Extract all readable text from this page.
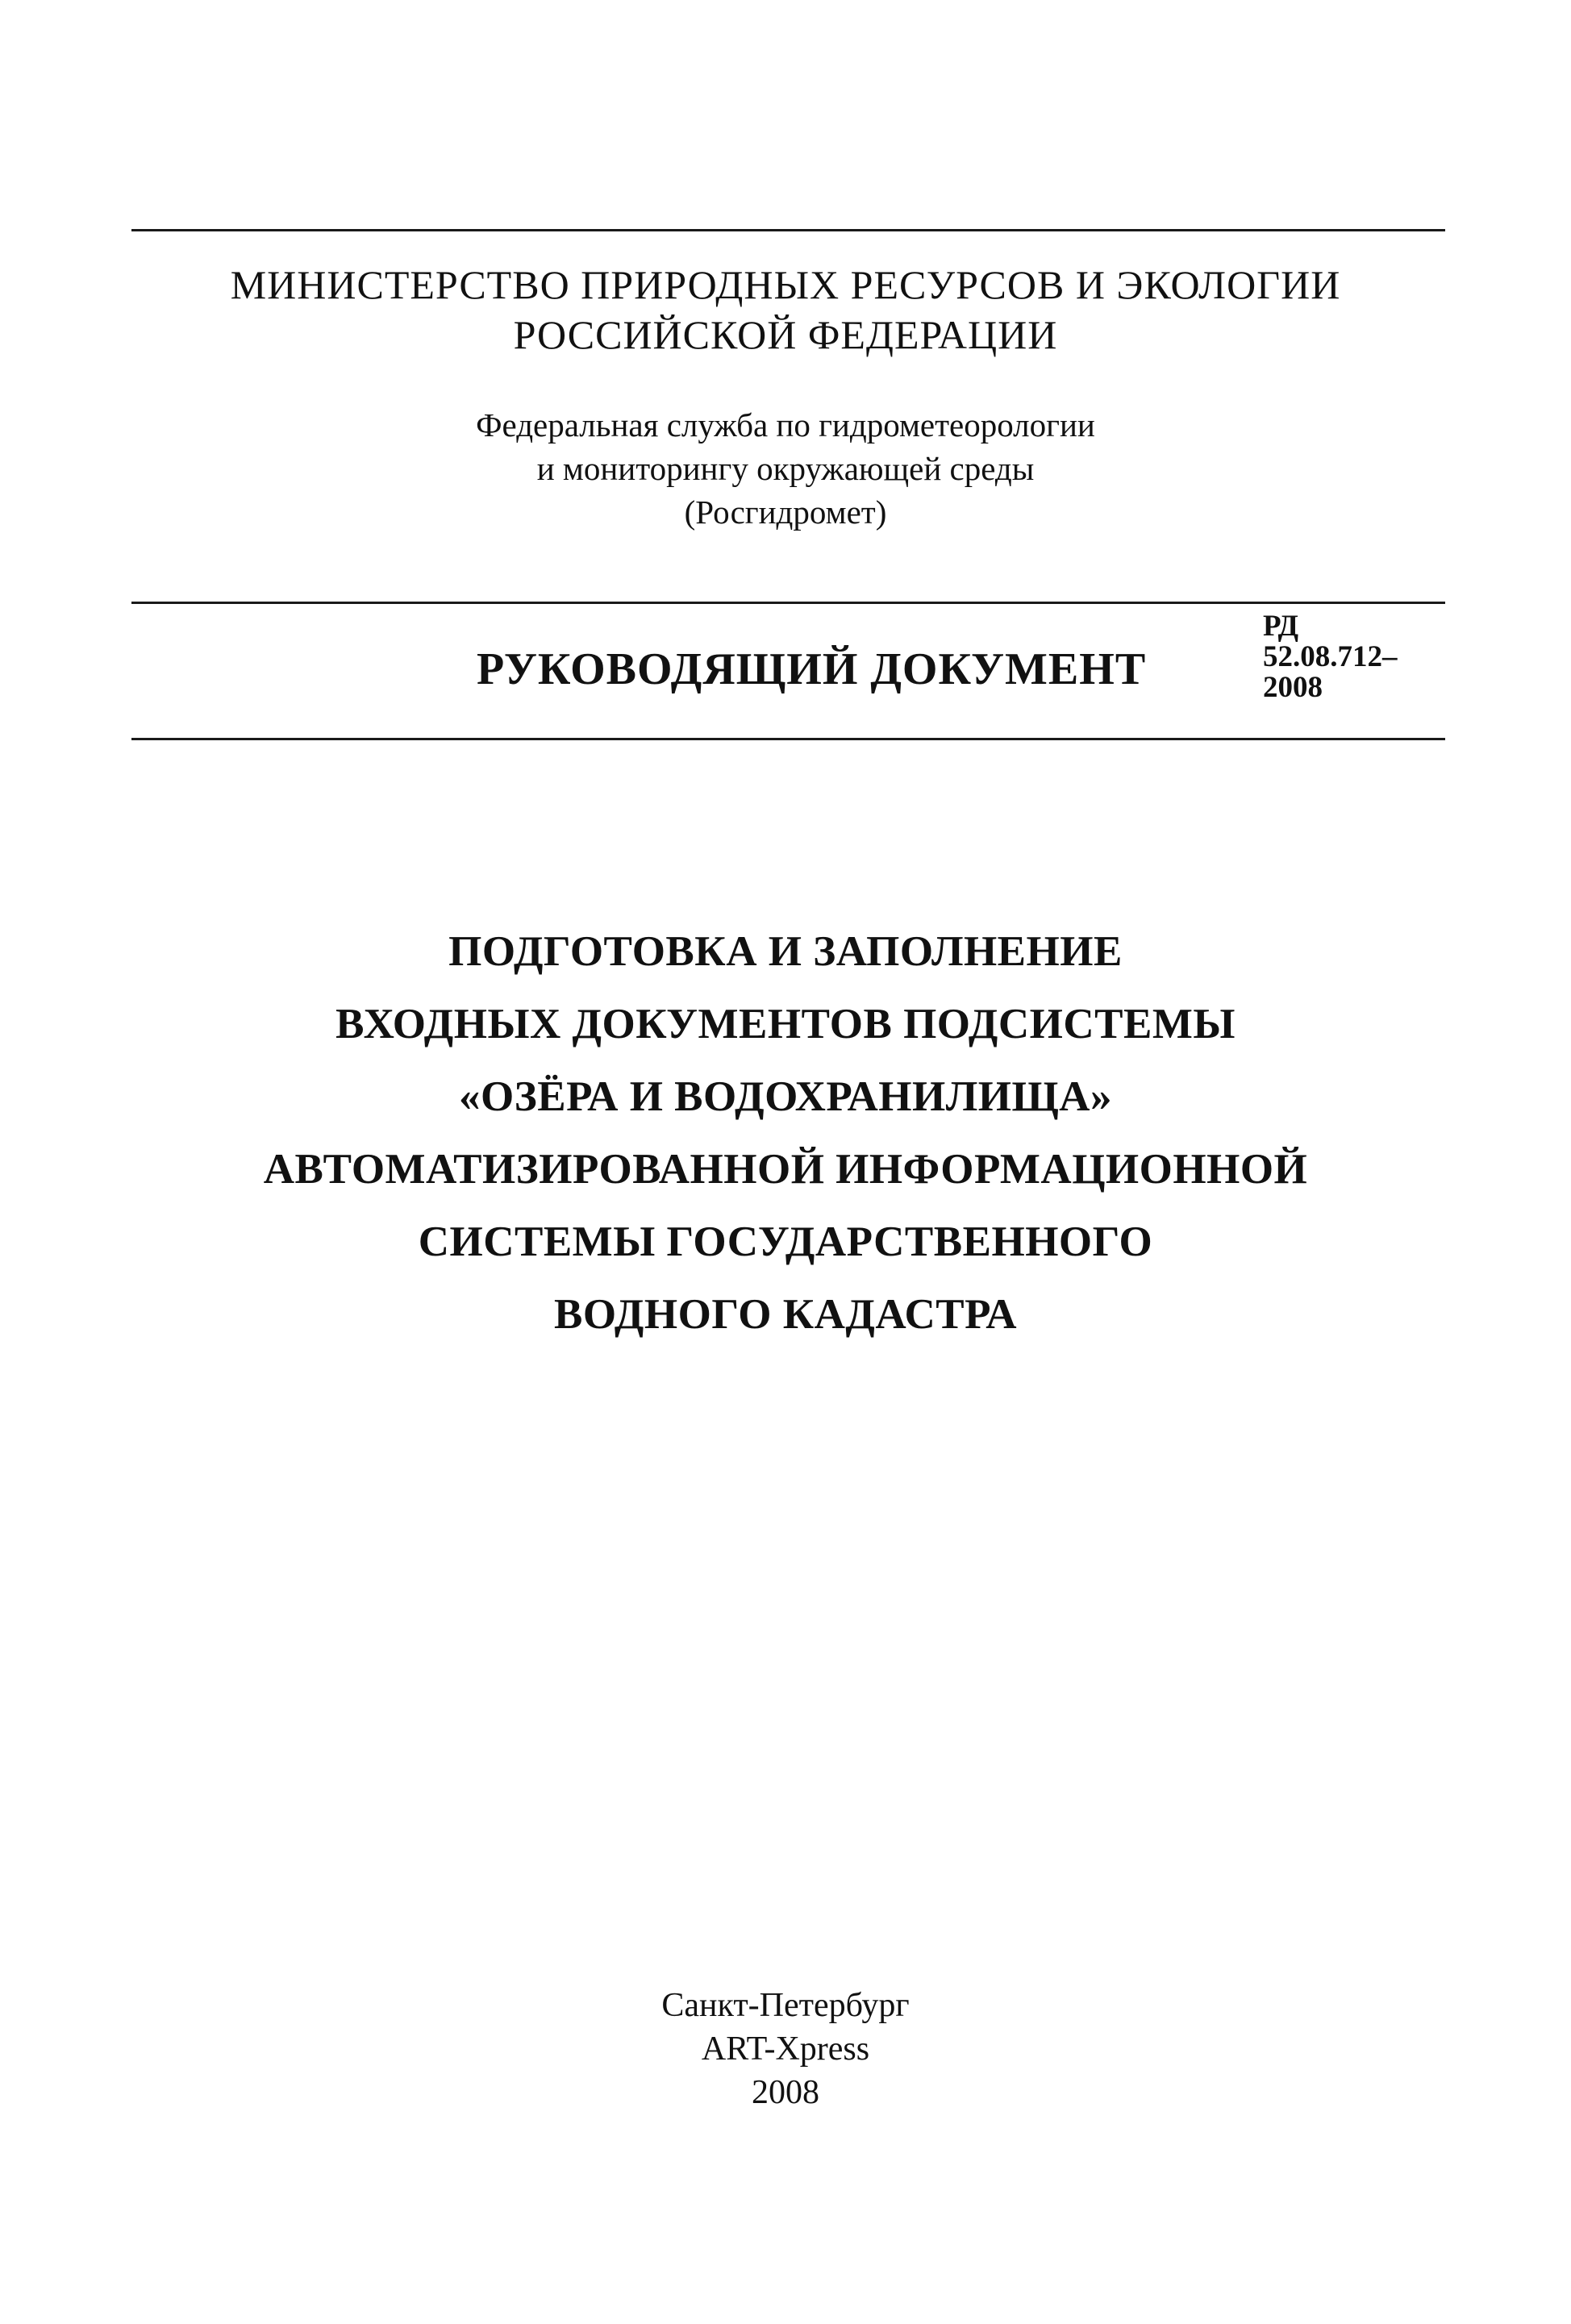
МИНИСТЕРСТВО ПРИРОДНЫХ РЕСУРСОВ И ЭКОЛОГИИ
РОССИЙСКОЙ ФЕДЕРАЦИИ
Федеральная служба по гидрометеорологии
и мониторингу окружающей среды
(Росгидромет)
РУКОВОДЯЩИЙ ДОКУМЕНТ
РД
52.08.712–
2008
ПОДГОТОВКА И ЗАПОЛНЕНИЕ
ВХОДНЫХ ДОКУМЕНТОВ ПОДСИСТЕМЫ
«ОЗЁРА И ВОДОХРАНИЛИЩА»
АВТОМАТИЗИРОВАННОЙ ИНФОРМАЦИОННОЙ
СИСТЕМЫ ГОСУДАРСТВЕННОГО
ВОДНОГО КАДАСТРА
Санкт-Петербург
ART-Xpress
2008
